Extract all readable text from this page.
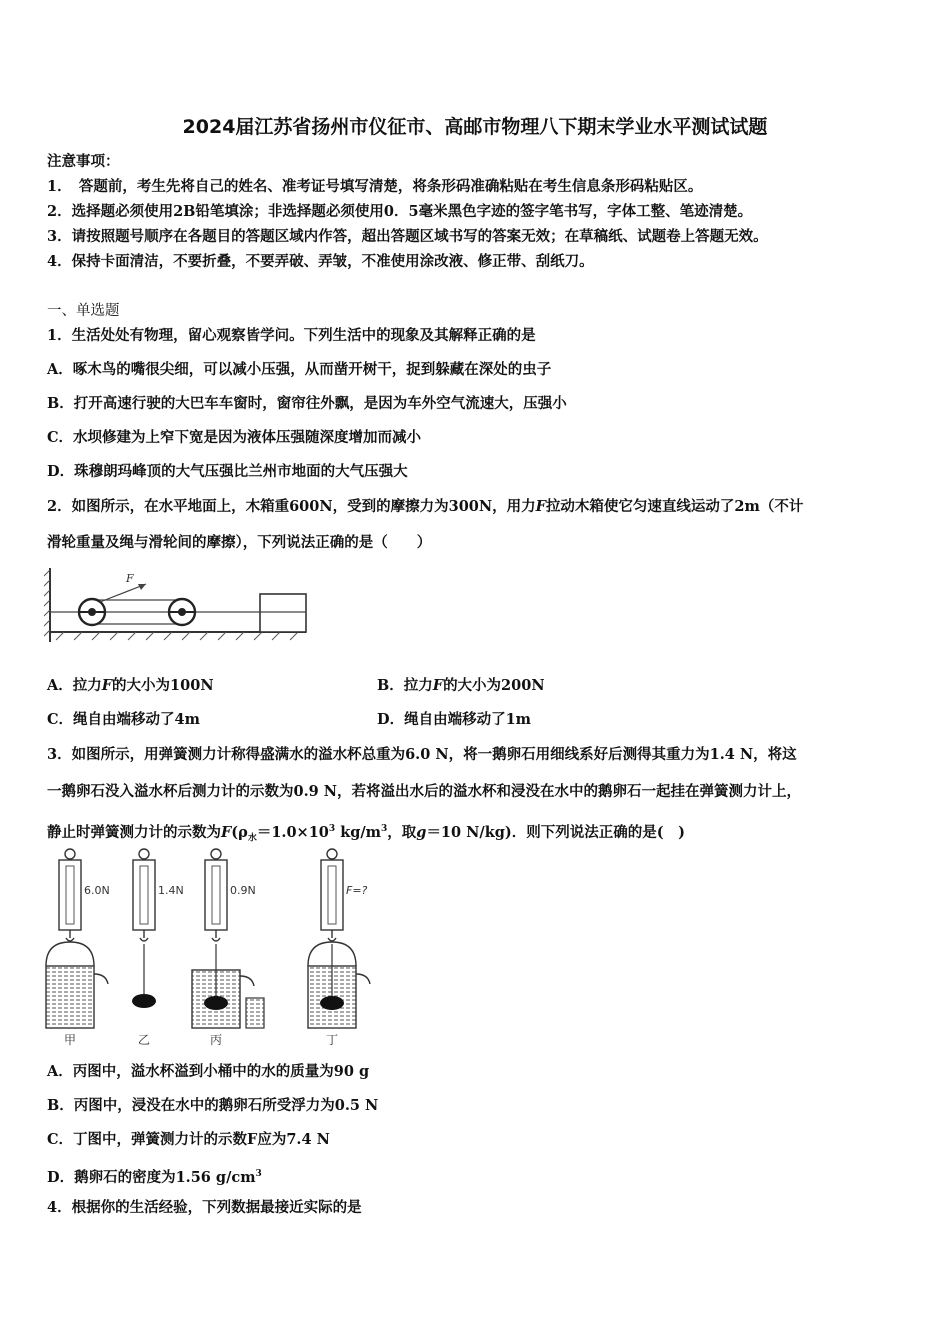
2024届江苏省扬州市仪征市、高邮市物理八下期末学业水平测试试题
注意事项：
1．　答题前，考生先将自己的姓名、准考证号填写清楚，将条形码准确粘贴在考生信息条形码粘贴区。
2．选择题必须使用2B铅笔填涂；非选择题必须使用0．5毫米黑色字迹的签字笔书写，字体工整、笔迹清楚。
3．请按照题号顺序在各题目的答题区域内作答，超出答题区域书写的答案无效；在草稿纸、试题卷上答题无效。
4．保持卡面清洁，不要折叠，不要弄破、弄皱，不准使用涂改液、修正带、刮纸刀。
一、单选题
1．生活处处有物理，留心观察皆学问。下列生活中的现象及其解释正确的是
A．啄木鸟的嘴很尖细，可以减小压强，从而凿开树干，捉到躲藏在深处的虫子
B．打开高速行驶的大巴车车窗时，窗帘往外飘，是因为车外空气流速大，压强小
C．水坝修建为上窄下宽是因为液体压强随深度增加而减小
D．珠穆朗玛峰顶的大气压强比兰州市地面的大气压强大
2．如图所示，在水平地面上，木箱重600N，受到的摩擦力为300N，用力F拉动木箱使它匀速直线运动了2m（不计
滑轮重量及绳与滑轮间的摩擦），下列说法正确的是（　　）
F
A．拉力F的大小为100N	B．拉力F的大小为200N
C．绳自由端移动了4m	D．绳自由端移动了1m
3．如图所示，用弹簧测力计称得盛满水的溢水杯总重为6.0 N，将一鹅卵石用细线系好后测得其重力为1.4 N，将这
一鹅卵石没入溢水杯后测力计的示数为0.9 N，若将溢出水后的溢水杯和浸没在水中的鹅卵石一起挂在弹簧测力计上，
静止时弹簧测力计的示数为$F(\rho_水=1.0\times 10^3$ $kg/m^3$，取g＝10 N/kg)．则下列说法正确的是(　)
6.0N
甲
1.4N
乙
0.9N
丙
F=?
丁
A．丙图中，溢水杯溢到小桶中的水的质量为90 g
B．丙图中，浸没在水中的鹅卵石所受浮力为0.5 N
C．丁图中，弹簧测力计的示数F应为7.4 N
D．鹅卵石的密度为1.56 $g/cm^3$
4．根据你的生活经验，下列数据最接近实际的是
